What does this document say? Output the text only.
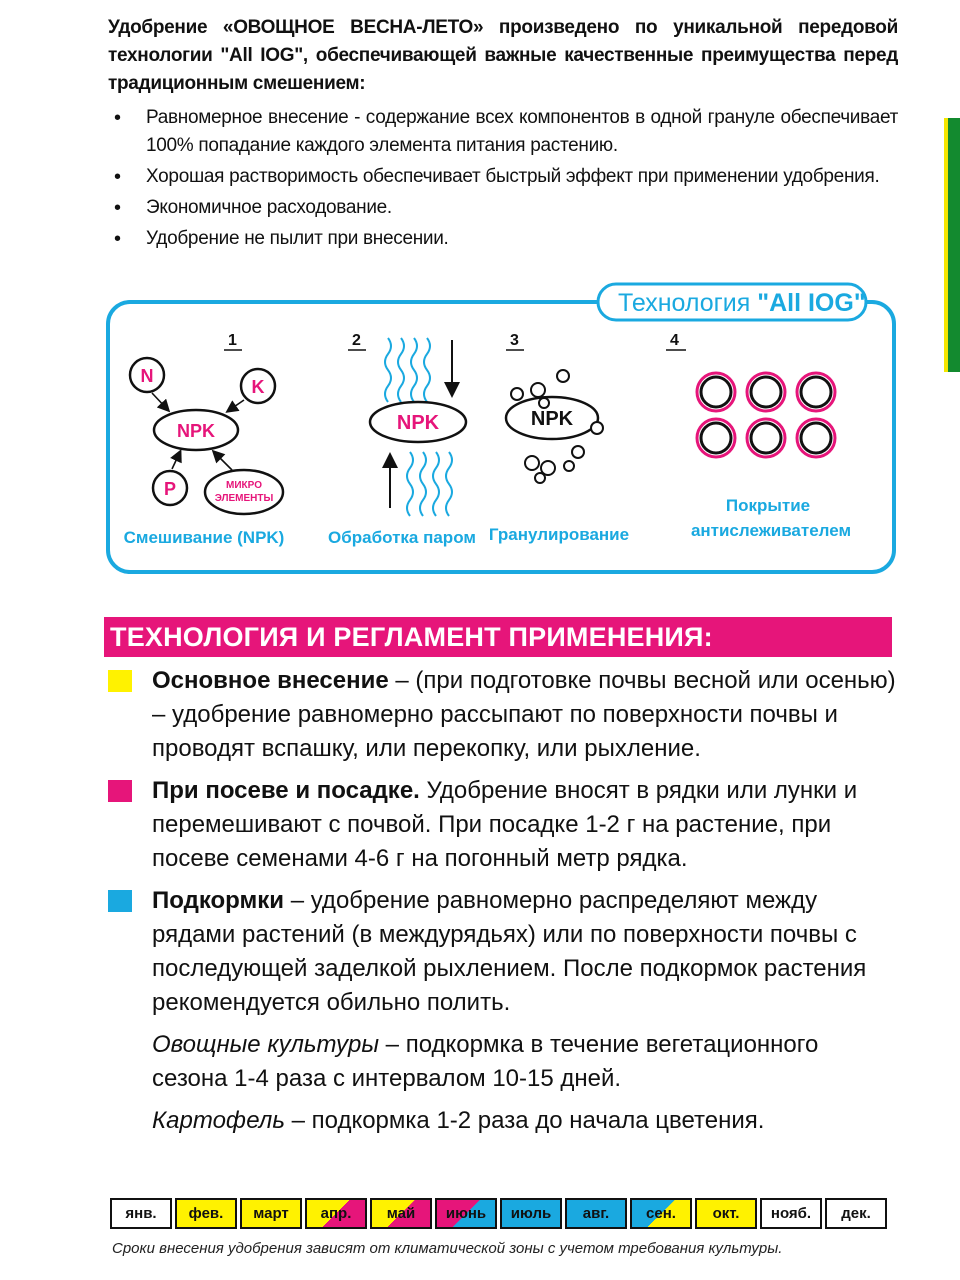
Удобрение «ОВОЩНОЕ ВЕСНА-ЛЕТО» произведено по уникальной передовой технологии "All IOG", обеспечивающей важные качественные преимущества перед традиционным смешением:
• Равномерное внесение - содержание всех компонентов в одной грануле обеспечивает 100% попадание каждого элемента питания растению.
• Хорошая растворимость обеспечивает быстрый эффект при применении удобрения.
• Экономичное расходование.
• Удобрение не пылит при внесении.
Технология "All IOG"
1	2	3	4
N
K
NPK
P	МИКРО
ЭЛЕМЕНТЫ
Смешивание (NPK)
NPK
Обработка паром
NPK
Гранулирование
Покрытие
антислеживателем
ТЕХНОЛОГИЯ И РЕГЛАМЕНТ ПРИМЕНЕНИЯ:
Основное внесение – (при подготовке почвы весной или осенью) – удобрение равномерно рассыпают по поверхности почвы и проводят вспашку, или перекопку, или рыхление.
При посеве и посадке. Удобрение вносят в рядки или лунки и перемешивают с почвой. При посадке 1-2 г на растение, при посеве семенами 4-6 г на погонный метр рядка.
Подкормки – удобрение равномерно распределяют между рядами растений (в междурядьях) или по поверхности почвы с последующей заделкой рыхлением. После подкормок растения рекомендуется обильно полить.
Овощные культуры – подкормка в течение вегетационного сезона 1-4 раза с интервалом 10-15 дней.
Картофель – подкормка 1-2 раза до начала цветения.
янв.	фев.	март	апр.	май	июнь	июль	авг.	сен.	окт.	нояб.	дек.
Сроки внесения удобрения зависят от климатической зоны с учетом требования культуры.
